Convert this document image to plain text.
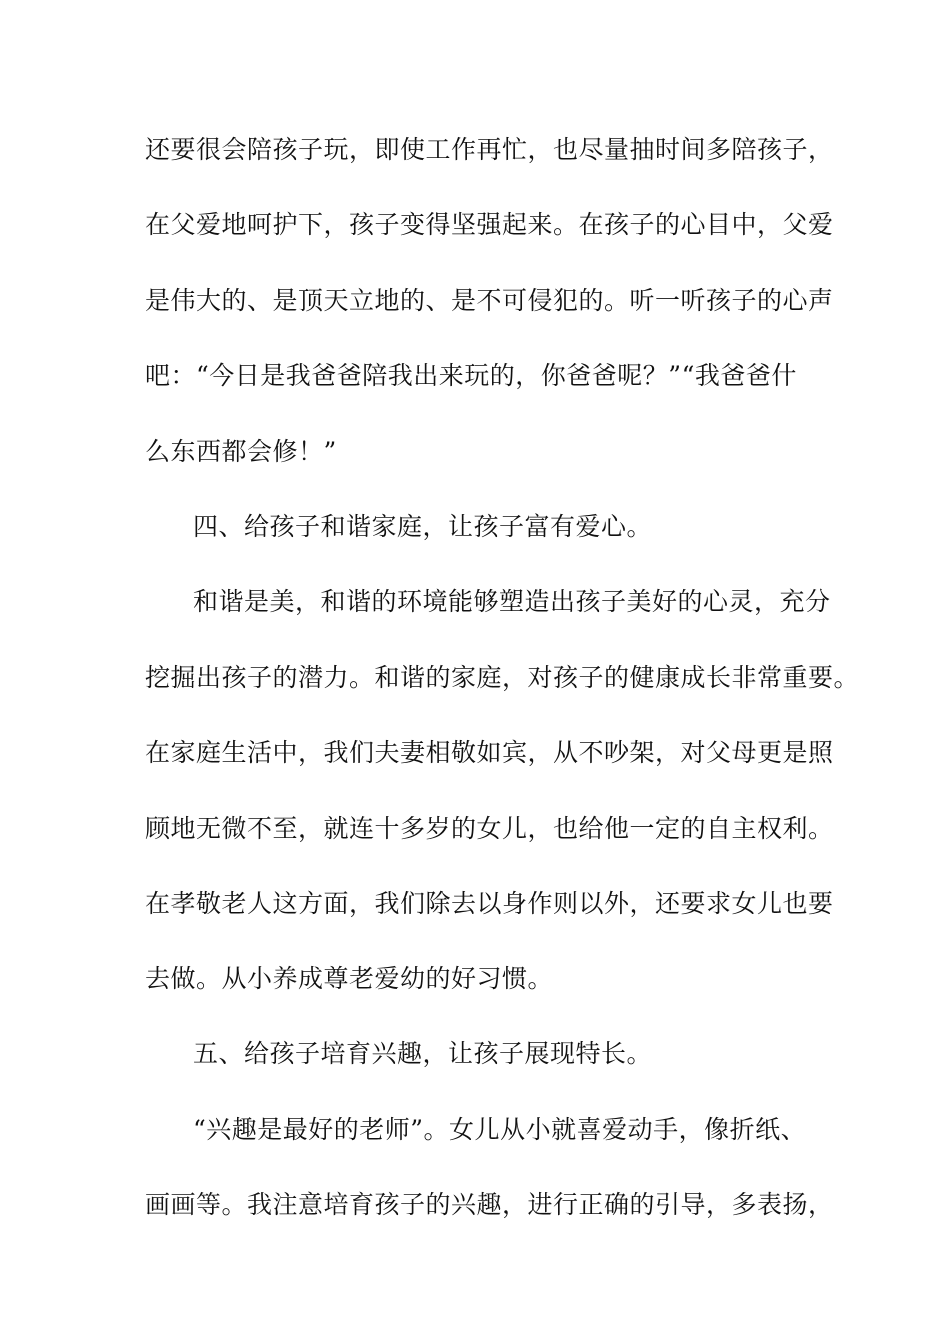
还要很会陪孩子玩，即使工作再忙，也尽量抽时间多陪孩子，
在父爱地呵护下，孩子变得坚强起来。在孩子的心目中，父爱
是伟大的、是顶天立地的、是不可侵犯的。听一听孩子的心声
吧：“今日是我爸爸陪我出来玩的，你爸爸呢？”“我爸爸什
么东西都会修！”
四、给孩子和谐家庭，让孩子富有爱心。
和谐是美，和谐的环境能够塑造出孩子美好的心灵，充分
挖掘出孩子的潜力。和谐的家庭，对孩子的健康成长非常重要。
在家庭生活中，我们夫妻相敬如宾，从不吵架，对父母更是照
顾地无微不至，就连十多岁的女儿，也给他一定的自主权利。
在孝敬老人这方面，我们除去以身作则以外，还要求女儿也要
去做。从小养成尊老爱幼的好习惯。
五、给孩子培育兴趣，让孩子展现特长。
“兴趣是最好的老师”。女儿从小就喜爱动手，像折纸、
画画等。我注意培育孩子的兴趣，进行正确的引导，多表扬，
